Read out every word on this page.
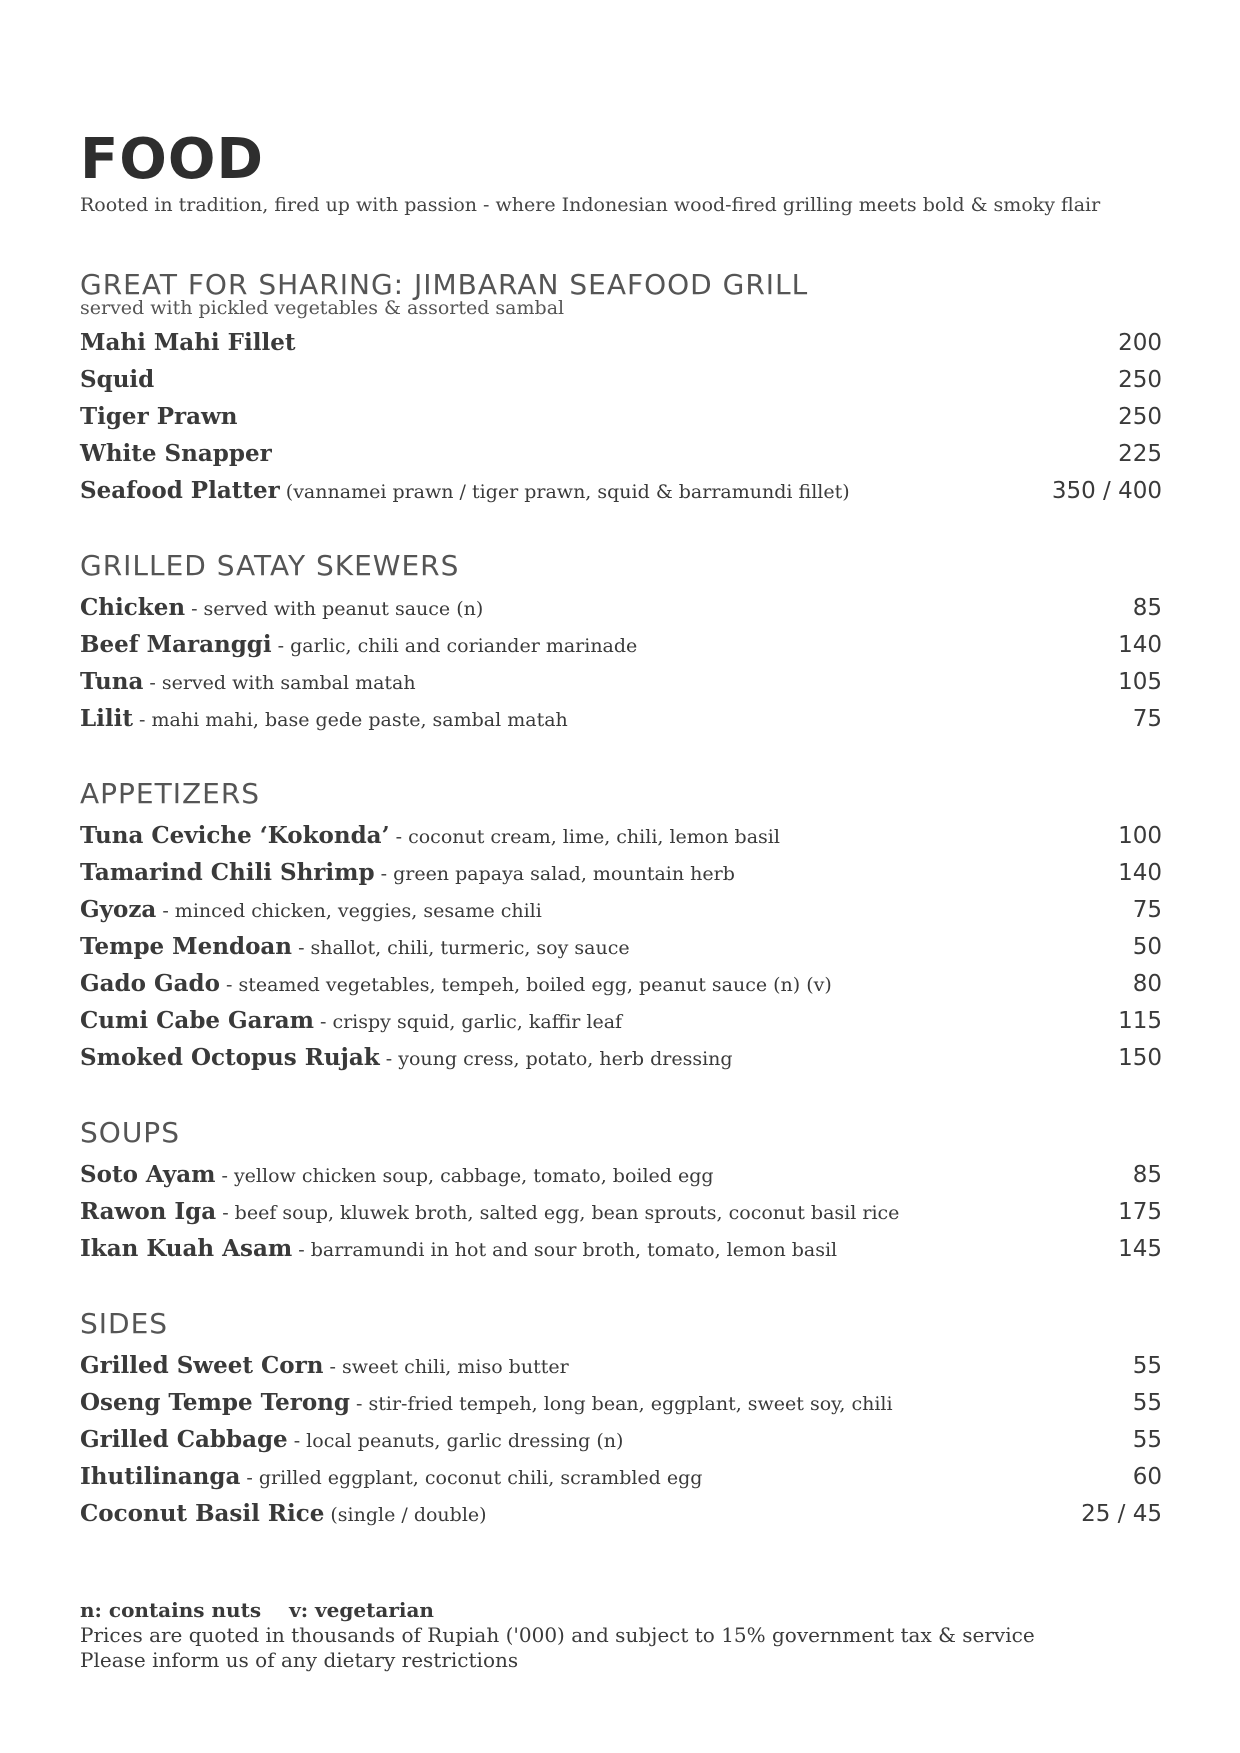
FOOD
Rooted in tradition, fired up with passion - where Indonesian wood-fired grilling meets bold & smoky flair
GREAT FOR SHARING: JIMBARAN SEAFOOD GRILL
served with pickled vegetables & assorted sambal
Mahi Mahi Fillet	200
Squid	250
Tiger Prawn	250
White Snapper	225
Seafood Platter (vannamei prawn / tiger prawn, squid & barramundi fillet)	350 / 400
GRILLED SATAY SKEWERS
Chicken - served with peanut sauce (n)	85
Beef Maranggi - garlic, chili and coriander marinade	140
Tuna - served with sambal matah	105
Lilit - mahi mahi, base gede paste, sambal matah	75
APPETIZERS
Tuna Ceviche ‘Kokonda’ - coconut cream, lime, chili, lemon basil	100
Tamarind Chili Shrimp - green papaya salad, mountain herb	140
Gyoza - minced chicken, veggies, sesame chili	75
Tempe Mendoan - shallot, chili, turmeric, soy sauce	50
Gado Gado - steamed vegetables, tempeh, boiled egg, peanut sauce (n) (v)	80
Cumi Cabe Garam - crispy squid, garlic, kaffir leaf	115
Smoked Octopus Rujak - young cress, potato, herb dressing	150
SOUPS
Soto Ayam - yellow chicken soup, cabbage, tomato, boiled egg	85
Rawon Iga - beef soup, kluwek broth, salted egg, bean sprouts, coconut basil rice	175
Ikan Kuah Asam - barramundi in hot and sour broth, tomato, lemon basil	145
SIDES
Grilled Sweet Corn - sweet chili, miso butter	55
Oseng Tempe Terong - stir-fried tempeh, long bean, eggplant, sweet soy, chili	55
Grilled Cabbage - local peanuts, garlic dressing (n)	55
Ihutilinanga - grilled eggplant, coconut chili, scrambled egg	60
Coconut Basil Rice (single / double)	25 / 45
n: contains nuts v: vegetarian
Prices are quoted in thousands of Rupiah ('000) and subject to 15% government tax & service
Please inform us of any dietary restrictions
